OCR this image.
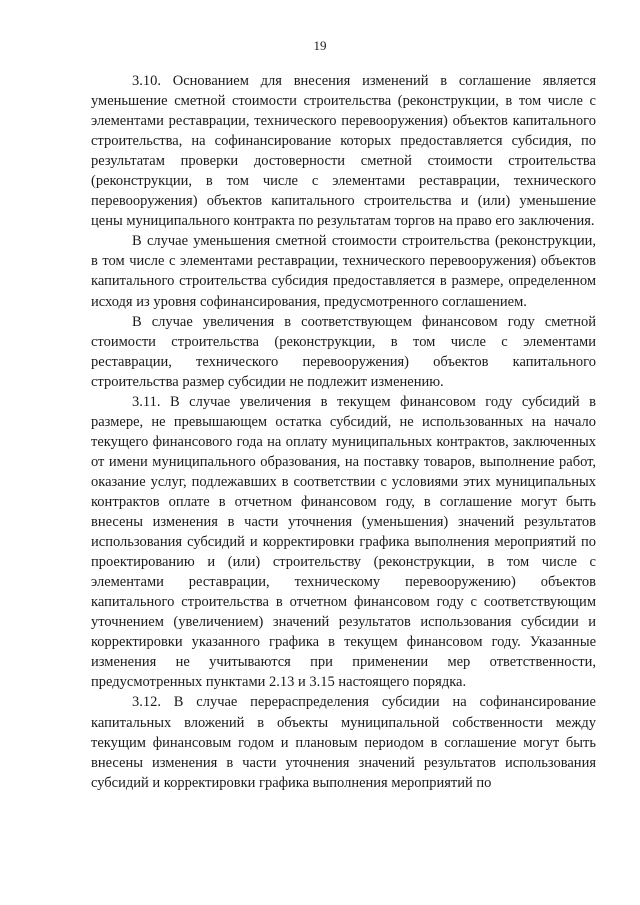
19

3.10. Основанием для внесения изменений в соглашение является уменьшение сметной стоимости строительства (реконструкции, в том числе с элементами реставрации, технического перевооружения) объектов капитального строительства, на софинансирование которых предоставляется субсидия, по результатам проверки достоверности сметной стоимости строительства (реконструкции, в том числе с элементами реставрации, технического перевооружения) объектов капитального строительства и (или) уменьшение цены муниципального контракта по результатам торгов на право его заключения.

В случае уменьшения сметной стоимости строительства (реконструкции, в том числе с элементами реставрации, технического перевооружения) объектов капитального строительства субсидия предоставляется в размере, определенном исходя из уровня софинансирования, предусмотренного соглашением.

В случае увеличения в соответствующем финансовом году сметной стоимости строительства (реконструкции, в том числе с элементами реставрации, технического перевооружения) объектов капитального строительства размер субсидии не подлежит изменению.

3.11. В случае увеличения в текущем финансовом году субсидий в размере, не превышающем остатка субсидий, не использованных на начало текущего финансового года на оплату муниципальных контрактов, заключенных от имени муниципального образования, на поставку товаров, выполнение работ, оказание услуг, подлежавших в соответствии с условиями этих муниципальных контрактов оплате в отчетном финансовом году, в соглашение могут быть внесены изменения в части уточнения (уменьшения) значений результатов использования субсидий и корректировки графика выполнения мероприятий по проектированию и (или) строительству (реконструкции, в том числе с элементами реставрации, техническому перевооружению) объектов капитального строительства в отчетном финансовом году с соответствующим уточнением (увеличением) значений результатов использования субсидии и корректировки указанного графика в текущем финансовом году. Указанные изменения не учитываются при применении мер ответственности, предусмотренных пунктами 2.13 и 3.15 настоящего порядка.

3.12. В случае перераспределения субсидии на софинансирование капитальных вложений в объекты муниципальной собственности между текущим финансовым годом и плановым периодом в соглашение могут быть внесены изменения в части уточнения значений результатов использования субсидий и корректировки графика выполнения мероприятий по
